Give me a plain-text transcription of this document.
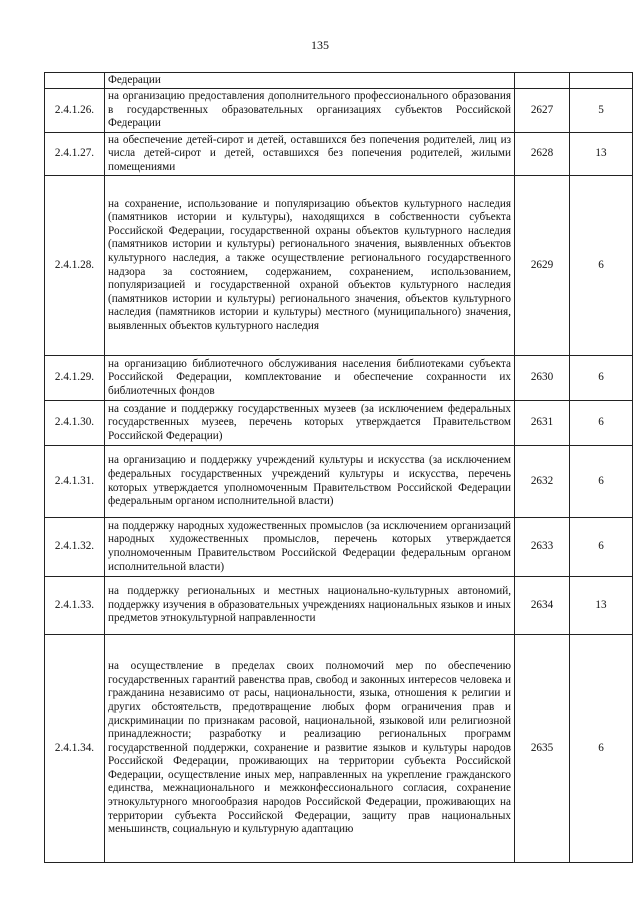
135
	Федерации		
2.4.1.26.	на организацию предоставления дополнительного профессионального образования в государственных образовательных организациях субъектов Российской Федерации	2627	5
2.4.1.27.	на обеспечение детей-сирот и детей, оставшихся без попечения родителей, лиц из числа детей-сирот и детей, оставшихся без попечения родителей, жилыми помещениями	2628	13
2.4.1.28.	на сохранение, использование и популяризацию объектов культурного наследия (памятников истории и культуры), находящихся в собственности субъекта Российской Федерации, государственной охраны объектов культурного наследия (памятников истории и культуры) регионального значения, выявленных объектов культурного наследия, а также осуществление регионального государственного надзора за состоянием, содержанием, сохранением, использованием, популяризацией и государственной охраной объектов культурного наследия (памятников истории и культуры) регионального значения, объектов культурного наследия (памятников истории и культуры) местного (муниципального) значения, выявленных объектов культурного наследия	2629	6
2.4.1.29.	на организацию библиотечного обслуживания населения библиотеками субъекта Российской Федерации, комплектование и обеспечение сохранности их библиотечных фондов	2630	6
2.4.1.30.	на создание и поддержку государственных музеев (за исключением федеральных государственных музеев, перечень которых утверждается Правительством Российской Федерации)	2631	6
2.4.1.31.	на организацию и поддержку учреждений культуры и искусства (за исключением федеральных государственных учреждений культуры и искусства, перечень которых утверждается уполномоченным Правительством Российской Федерации федеральным органом исполнительной власти)	2632	6
2.4.1.32.	на поддержку народных художественных промыслов (за исключением организаций народных художественных промыслов, перечень которых утверждается уполномоченным Правительством Российской Федерации федеральным органом исполнительной власти)	2633	6
2.4.1.33.	на поддержку региональных и местных национально-культурных автономий, поддержку изучения в образовательных учреждениях национальных языков и иных предметов этнокультурной направленности	2634	13
2.4.1.34.	на осуществление в пределах своих полномочий мер по обеспечению государственных гарантий равенства прав, свобод и законных интересов человека и гражданина независимо от расы, национальности, языка, отношения к религии и других обстоятельств, предотвращение любых форм ограничения прав и дискриминации по признакам расовой, национальной, языковой или религиозной принадлежности; разработку и реализацию региональных программ государственной поддержки, сохранение и развитие языков и культуры народов Российской Федерации, проживающих на территории субъекта Российской Федерации, осуществление иных мер, направленных на укрепление гражданского единства, межнационального и межконфессионального согласия, сохранение этнокультурного многообразия народов Российской Федерации, проживающих на территории субъекта Российской Федерации, защиту прав национальных меньшинств, социальную и культурную адаптацию	2635	6
